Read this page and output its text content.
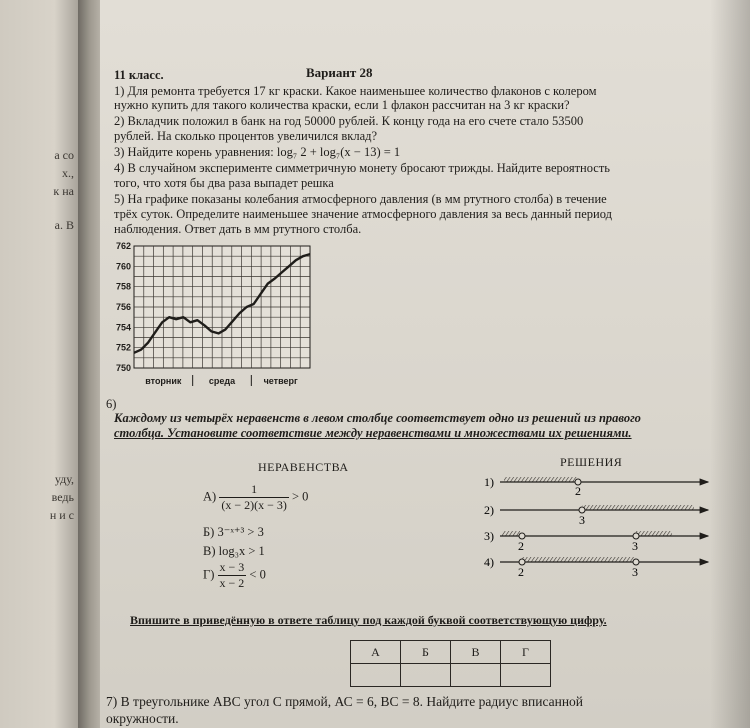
а со
х.,
к на
а. В
уду,
ведь
н и с
11 класс.	Вариант 28
1) Для ремонта требуется 17 кг краски. Какое наименьшее количество флаконов с колером
нужно купить для такого количества краски, если 1 флакон рассчитан на 3 кг краски?
2) Вкладчик положил в банк на год 50000 рублей. К концу года на его счете стало 53500
рублей. На сколько процентов увеличился вклад?
3) Найдите корень уравнения: log₇ 2 + log₇(x − 13) = 1
4) В случайном эксперименте симметричную монету бросают трижды. Найдите вероятность
того, что хотя бы два раза выпадет решка
5) На графике показаны колебания атмосферного давления (в мм ртутного столба) в течение
трёх суток. Определите наименьшее значение атмосферного давления за весь данный период
наблюдения. Ответ дать в мм ртутного столба.
750
752
754
756
758
760
762
вторник	среда	четверг
6)
Каждому из четырёх неравенств в левом столбце соответствует одно из решений из правого
столбца. Установите соответствие между неравенствами и множествами их решениями.
НЕРАВЕНСТВА	РЕШЕНИЯ
$А) \frac{1}{(x - 2)(x - 3)} > 0$
Б) 3⁻ˣ⁺³ > 3
В) log₃x > 1
$Г) \frac{x - 3}{x - 2} < 0$
1)
2
2)
3
3)
2	3
4)
2	3
Впишите в приведённую в ответе таблицу под каждой буквой соответствующую цифру.
А	Б	В	Г

7) В треугольнике АВС угол С прямой, АС = 6, ВС = 8. Найдите радиус вписанной
окружности.
